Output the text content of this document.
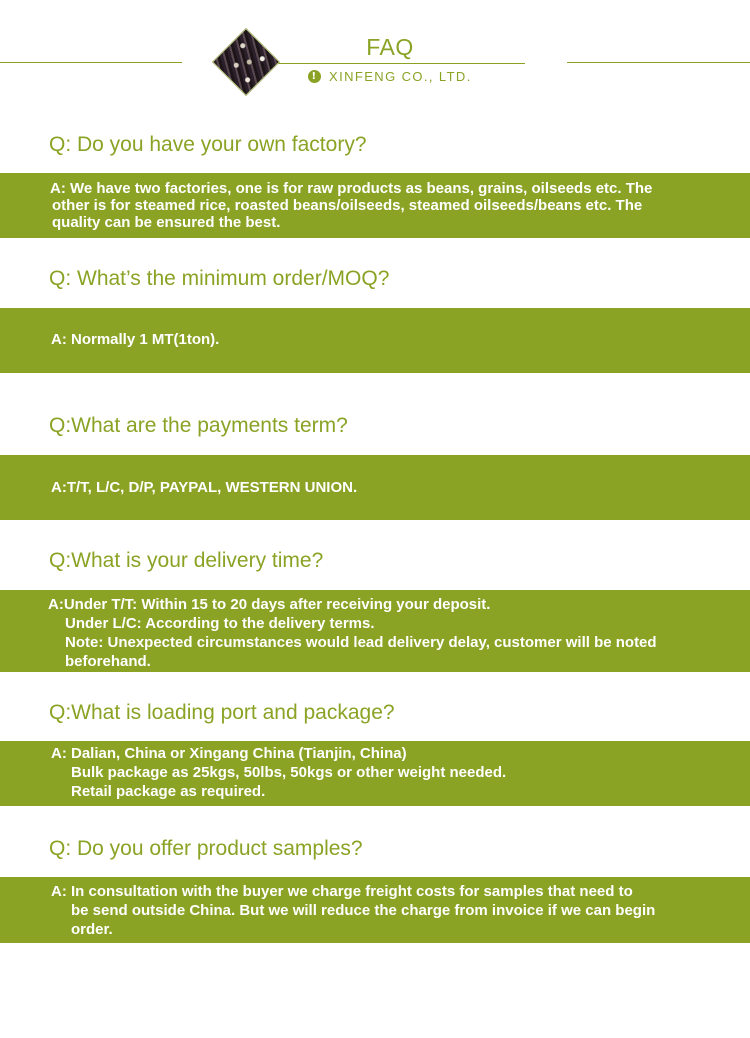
FAQ
! XINFENG CO., LTD.
Q: Do you have your own factory?
A: We have two factories, one is for raw products as beans, grains, oilseeds etc. The
other is for steamed rice, roasted beans/oilseeds, steamed oilseeds/beans etc. The
quality can be ensured the best.
Q: What’s the minimum order/MOQ?
A: Normally 1 MT(1ton).
Q:What are the payments term?
A:T/T, L/C, D/P, PAYPAL, WESTERN UNION.
Q:What is your delivery time?
A:Under T/T: Within 15 to 20 days after receiving your deposit.
Under L/C: According to the delivery terms.
Note: Unexpected circumstances would lead delivery delay, customer will be noted
beforehand.
Q:What is loading port and package?
A: Dalian, China or Xingang China (Tianjin, China)
Bulk package as 25kgs, 50lbs, 50kgs or other weight needed.
Retail package as required.
Q: Do you offer product samples?
A: In consultation with the buyer we charge freight costs for samples that need to
be send outside China. But we will reduce the charge from invoice if we can begin
order.
